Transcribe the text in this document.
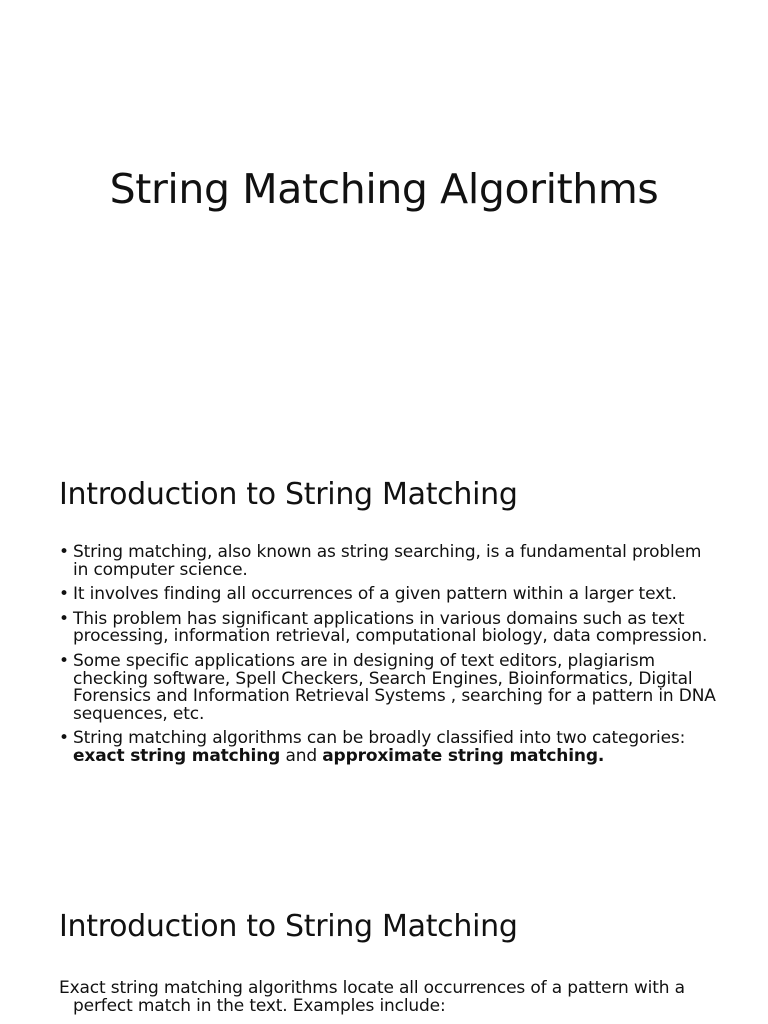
String Matching Algorithms
Introduction to String Matching
• String matching, also known as string searching, is a fundamental problem in computer science.
• It involves finding all occurrences of a given pattern within a larger text.
• This problem has significant applications in various domains such as text processing, information retrieval, computational biology, data compression.
• Some specific applications are in designing of text editors, plagiarism checking software, Spell Checkers, Search Engines, Bioinformatics, Digital Forensics and Information Retrieval Systems , searching for a pattern in DNA sequences, etc.
• String matching algorithms can be broadly classified into two categories: exact string matching and approximate string matching.
Introduction to String Matching

Exact string matching algorithms locate all occurrences of a pattern with a
perfect match in the text. Examples include:
